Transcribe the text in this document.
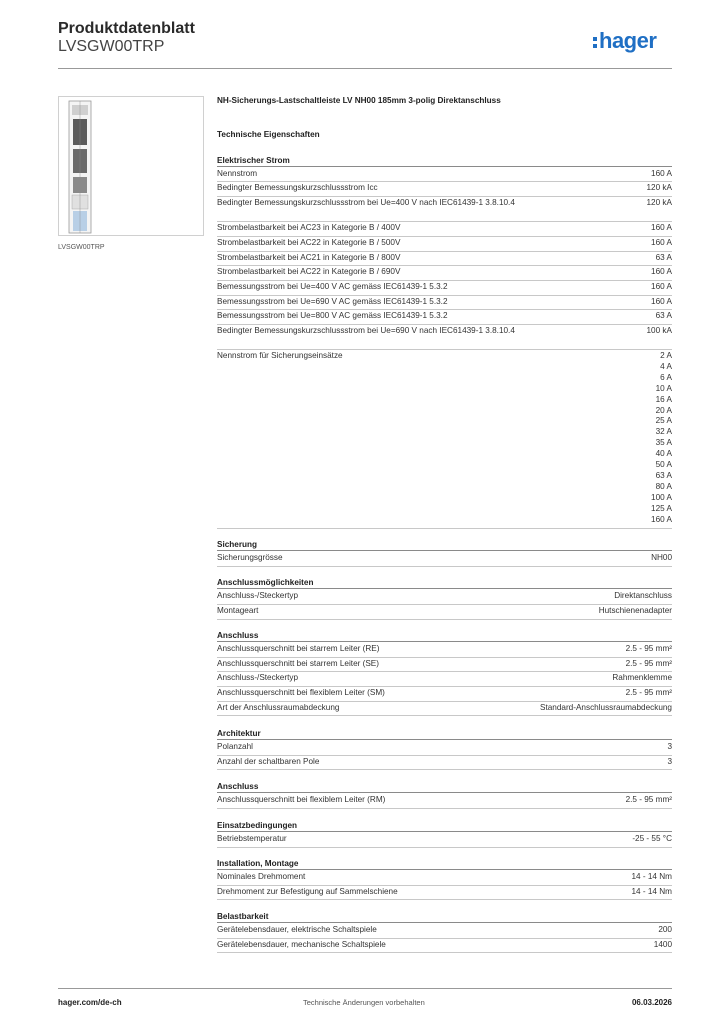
Produktdatenblatt
LVSGW00TRP	hager
LVSGW00TRP
NH-Sicherungs-Lastschaltleiste LV NH00 185mm 3-polig Direktanschluss
Technische Eigenschaften
Elektrischer Strom
Nennstrom	160 A
Bedingter Bemessungskurzschlussstrom Icc	120 kA
Bedingter Bemessungskurzschlussstrom bei Ue=400 V nach IEC61439-1 3.8.10.4	120 kA
Strombelastbarkeit bei AC23 in Kategorie B / 400V	160 A
Strombelastbarkeit bei AC22 in Kategorie B / 500V	160 A
Strombelastbarkeit bei AC21 in Kategorie B / 800V	63 A
Strombelastbarkeit bei AC22 in Kategorie B / 690V	160 A
Bemessungsstrom bei Ue=400 V AC gemäss IEC61439-1 5.3.2	160 A
Bemessungsstrom bei Ue=690 V AC gemäss IEC61439-1 5.3.2	160 A
Bemessungsstrom bei Ue=800 V AC gemäss IEC61439-1 5.3.2	63 A
Bedingter Bemessungskurzschlussstrom bei Ue=690 V nach IEC61439-1 3.8.10.4	100 kA
Nennstrom für Sicherungseinsätze	2 A
4 A
6 A
10 A
16 A
20 A
25 A
32 A
35 A
40 A
50 A
63 A
80 A
100 A
125 A
160 A
Sicherung
Sicherungsgrösse	NH00
Anschlussmöglichkeiten
Anschluss-/Steckertyp	Direktanschluss
Montageart	Hutschienenadapter
Anschluss
Anschlussquerschnitt bei starrem Leiter (RE)	2.5 - 95 mm²
Anschlussquerschnitt bei starrem Leiter (SE)	2.5 - 95 mm²
Anschluss-/Steckertyp	Rahmenklemme
Anschlussquerschnitt bei flexiblem Leiter (SM)	2.5 - 95 mm²
Art der Anschlussraumabdeckung	Standard-Anschlussraumabdeckung
Architektur
Polanzahl	3
Anzahl der schaltbaren Pole	3
Anschluss
Anschlussquerschnitt bei flexiblem Leiter (RM)	2.5 - 95 mm²
Einsatzbedingungen
Betriebstemperatur	-25 - 55 °C
Installation, Montage
Nominales Drehmoment	14 - 14 Nm
Drehmoment zur Befestigung auf Sammelschiene	14 - 14 Nm
Belastbarkeit
Gerätelebensdauer, elektrische Schaltspiele	200
Gerätelebensdauer, mechanische Schaltspiele	1400
hager.com/de-ch	Technische Änderungen vorbehalten	06.03.2026
